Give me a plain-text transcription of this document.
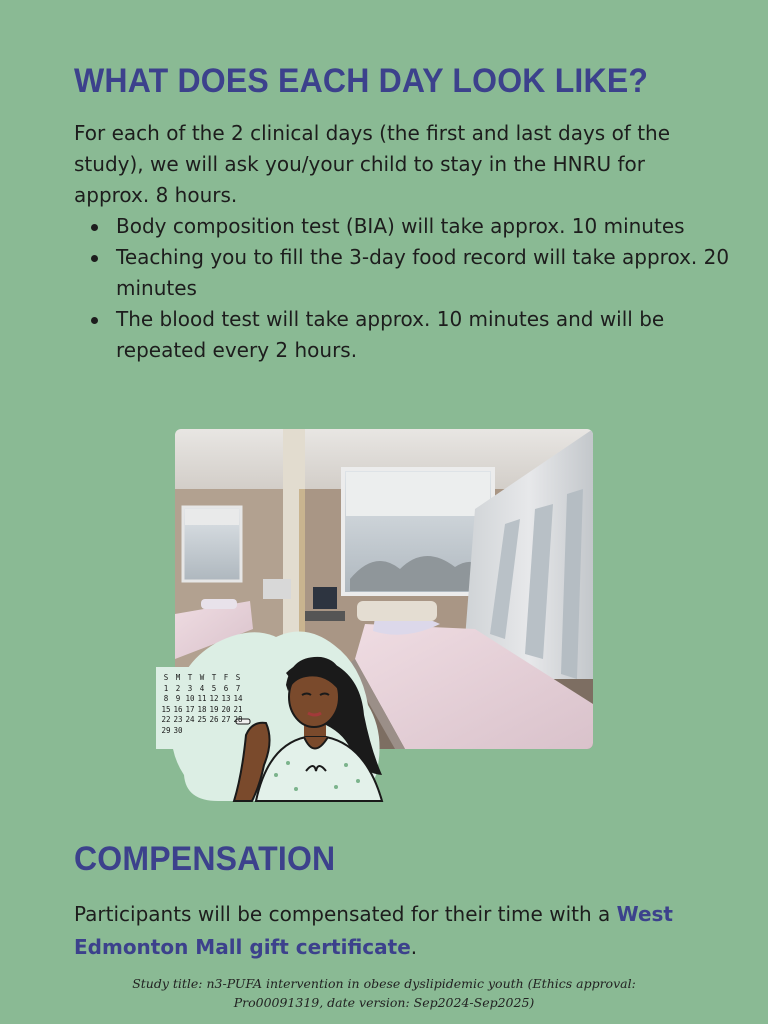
WHAT DOES EACH DAY LOOK LIKE?

For each of the 2 clinical days (the first and last days of the study), we will ask you/your child to stay in the HNRU for approx. 8 hours.

Body composition test (BIA) will take approx. 10 minutes
Teaching you to fill the 3-day food record will take approx. 20 minutes
The blood test will take approx. 10 minutes and will be repeated every 2 hours.
S M T W T F S
1 2 3 4 5 6 7
8 9 10 11 12 13 14
15 16 17 18 19 20 21
22 23 24 25 26 27 28
29 30
COMPENSATION

Participants will be compensated for their time with a West Edmonton Mall gift certificate.

Study title: n3-PUFA intervention in obese dyslipidemic youth (Ethics approval:
Pro00091319, date version: Sep2024-Sep2025)
